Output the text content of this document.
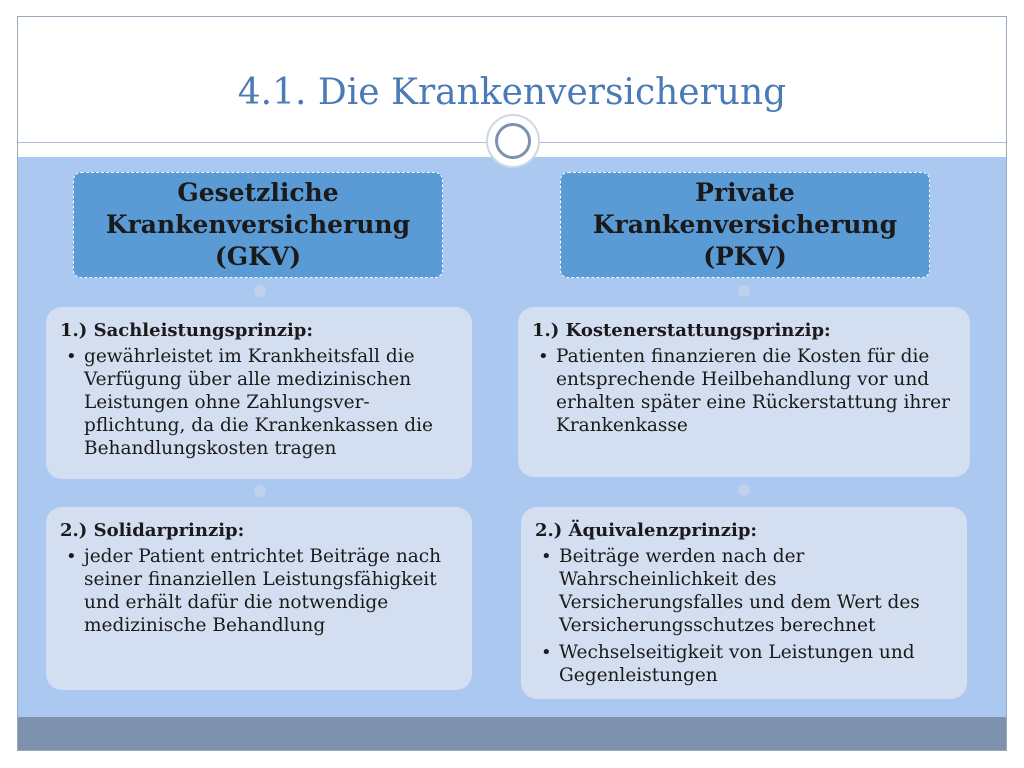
4.1. Die Krankenversicherung
Gesetzliche
Krankenversicherung
(GKV)
1.) Sachleistungsprinzip:
• gewährleistet im Krankheitsfall die Verfügung über alle medizinischen Leistungen ohne Zahlungsver-pflichtung, da die Krankenkassen die Behandlungskosten tragen
2.) Solidarprinzip:
• jeder Patient entrichtet Beiträge nach seiner finanziellen Leistungsfähigkeit und erhält dafür die notwendige medizinische Behandlung
Private
Krankenversicherung
(PKV)
1.) Kostenerstattungsprinzip:
• Patienten finanzieren die Kosten für die entsprechende Heilbehandlung vor und erhalten später eine Rückerstattung ihrer Krankenkasse
2.) Äquivalenzprinzip:
• Beiträge werden nach der Wahrscheinlichkeit des Versicherungsfalles und dem Wert des Versicherungsschutzes berechnet
• Wechselseitigkeit von Leistungen und Gegenleistungen
